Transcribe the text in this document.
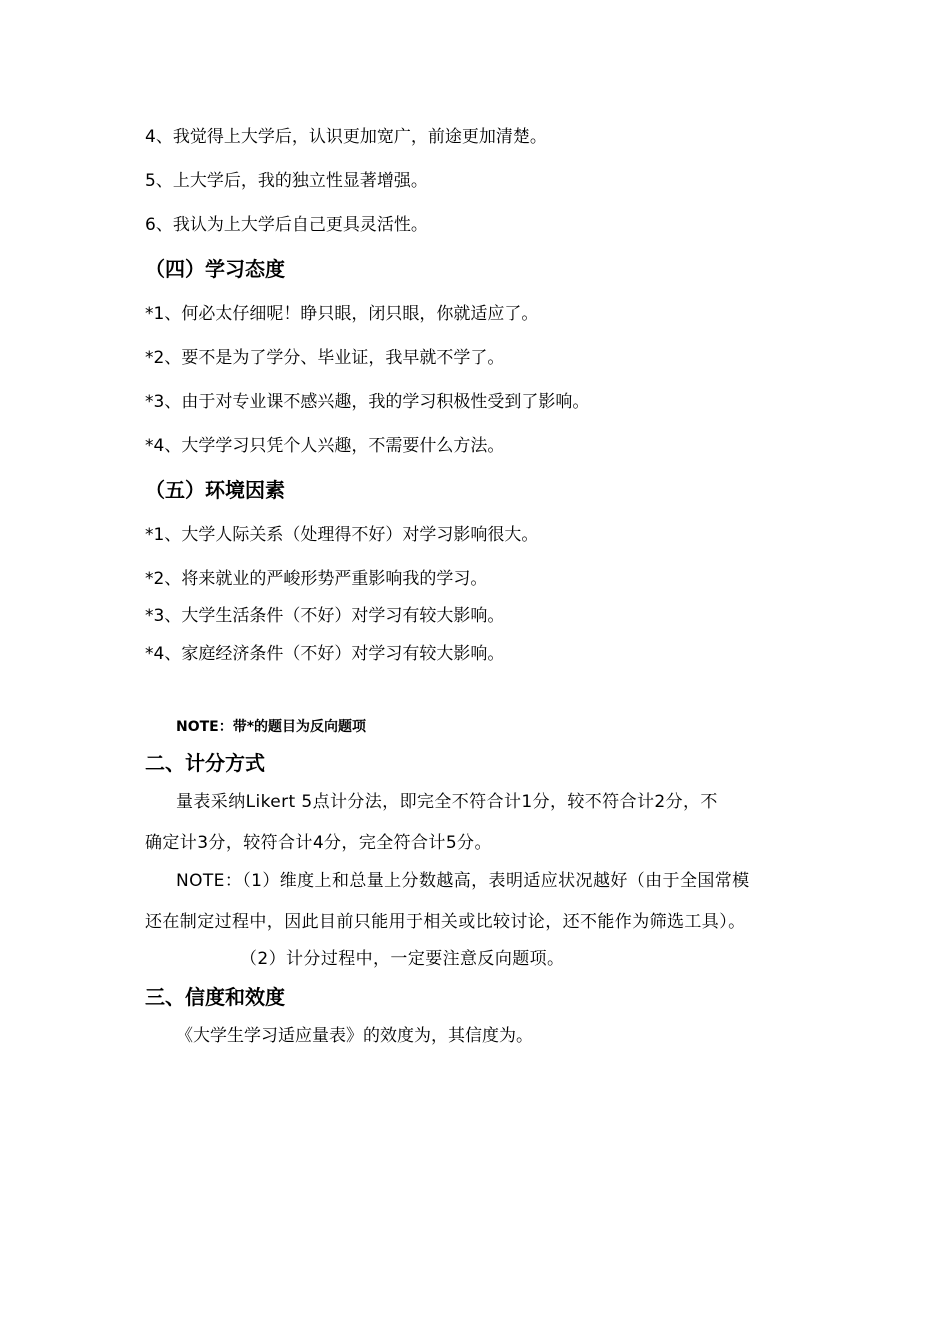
4、我觉得上大学后，认识更加宽广，前途更加清楚。
5、上大学后，我的独立性显著增强。
6、我认为上大学后自己更具灵活性。
（四）学习态度
*1、何必太仔细呢！睁只眼，闭只眼，你就适应了。
*2、要不是为了学分、毕业证，我早就不学了。
*3、由于对专业课不感兴趣，我的学习积极性受到了影响。
*4、大学学习只凭个人兴趣，不需要什么方法。
（五）环境因素
*1、大学人际关系（处理得不好）对学习影响很大。
*2、将来就业的严峻形势严重影响我的学习。
*3、大学生活条件（不好）对学习有较大影响。
*4、家庭经济条件（不好）对学习有较大影响。
NOTE：带*的题目为反向题项
二、计分方式
量表采纳Likert 5点计分法，即完全不符合计1分，较不符合计2分，不
确定计3分，较符合计4分，完全符合计5分。
NOTE：（1）维度上和总量上分数越高，表明适应状况越好（由于全国常模
还在制定过程中，因此目前只能用于相关或比较讨论，还不能作为筛选工具）。
（2）计分过程中，一定要注意反向题项。
三、信度和效度
《大学生学习适应量表》的效度为，其信度为。
